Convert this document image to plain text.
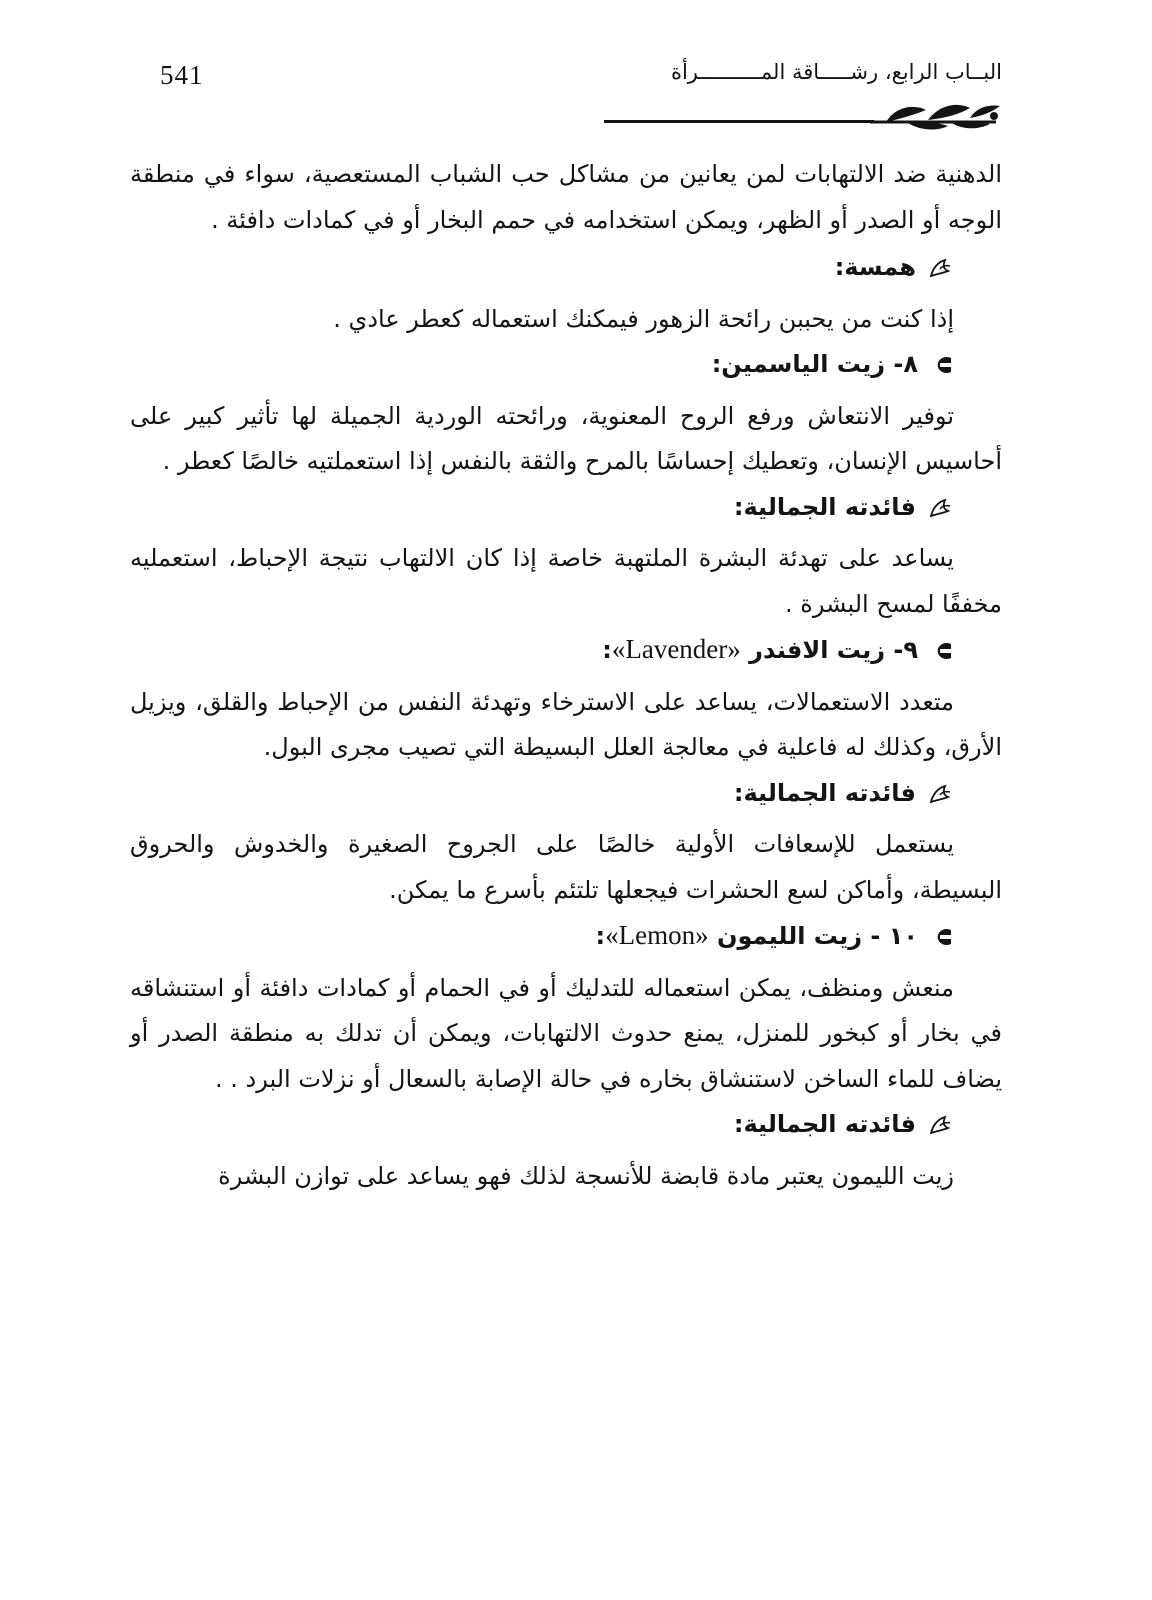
541	البــاب الرابع، رشـــــاقة المــــــــــرأة

الدهنية ضد الالتهابات لمن يعانين من مشاكل حب الشباب المستعصية، سواء في منطقة الوجه أو الصدر أو الظهر، ويمكن استخدامه في حمم البخار أو في كمادات دافئة .

همسة:

إذا كنت من يحببن رائحة الزهور فيمكنك استعماله كعطر عادي .

٨- زيت الياسمين:

توفير الانتعاش ورفع الروح المعنوية، ورائحته الوردية الجميلة لها تأثير كبير على أحاسيس الإنسان، وتعطيك إحساسًا بالمرح والثقة بالنفس إذا استعملتيه خالصًا كعطر .

فائدته الجمالية:

يساعد على تهدئة البشرة الملتهبة خاصة إذا كان الالتهاب نتيجة الإحباط، استعمليه مخففًا لمسح البشرة .

٩- زيت الافندر «Lavender»:

متعدد الاستعمالات، يساعد على الاسترخاء وتهدئة النفس من الإحباط والقلق، ويزيل الأرق، وكذلك له فاعلية في معالجة العلل البسيطة التي تصيب مجرى البول.

فائدته الجمالية:

يستعمل للإسعافات الأولية خالصًا على الجروح الصغيرة والخدوش والحروق البسيطة، وأماكن لسع الحشرات فيجعلها تلتئم بأسرع ما يمكن.

١٠ - زيت الليمون «Lemon»:

منعش ومنظف، يمكن استعماله للتدليك أو في الحمام أو كمادات دافئة أو استنشاقه في بخار أو كبخور للمنزل، يمنع حدوث الالتهابات، ويمكن أن تدلك به منطقة الصدر أو يضاف للماء الساخن لاستنشاق بخاره في حالة الإصابة بالسعال أو نزلات البرد . .

فائدته الجمالية:

زيت الليمون يعتبر مادة قابضة للأنسجة لذلك فهو يساعد على توازن البشرة
